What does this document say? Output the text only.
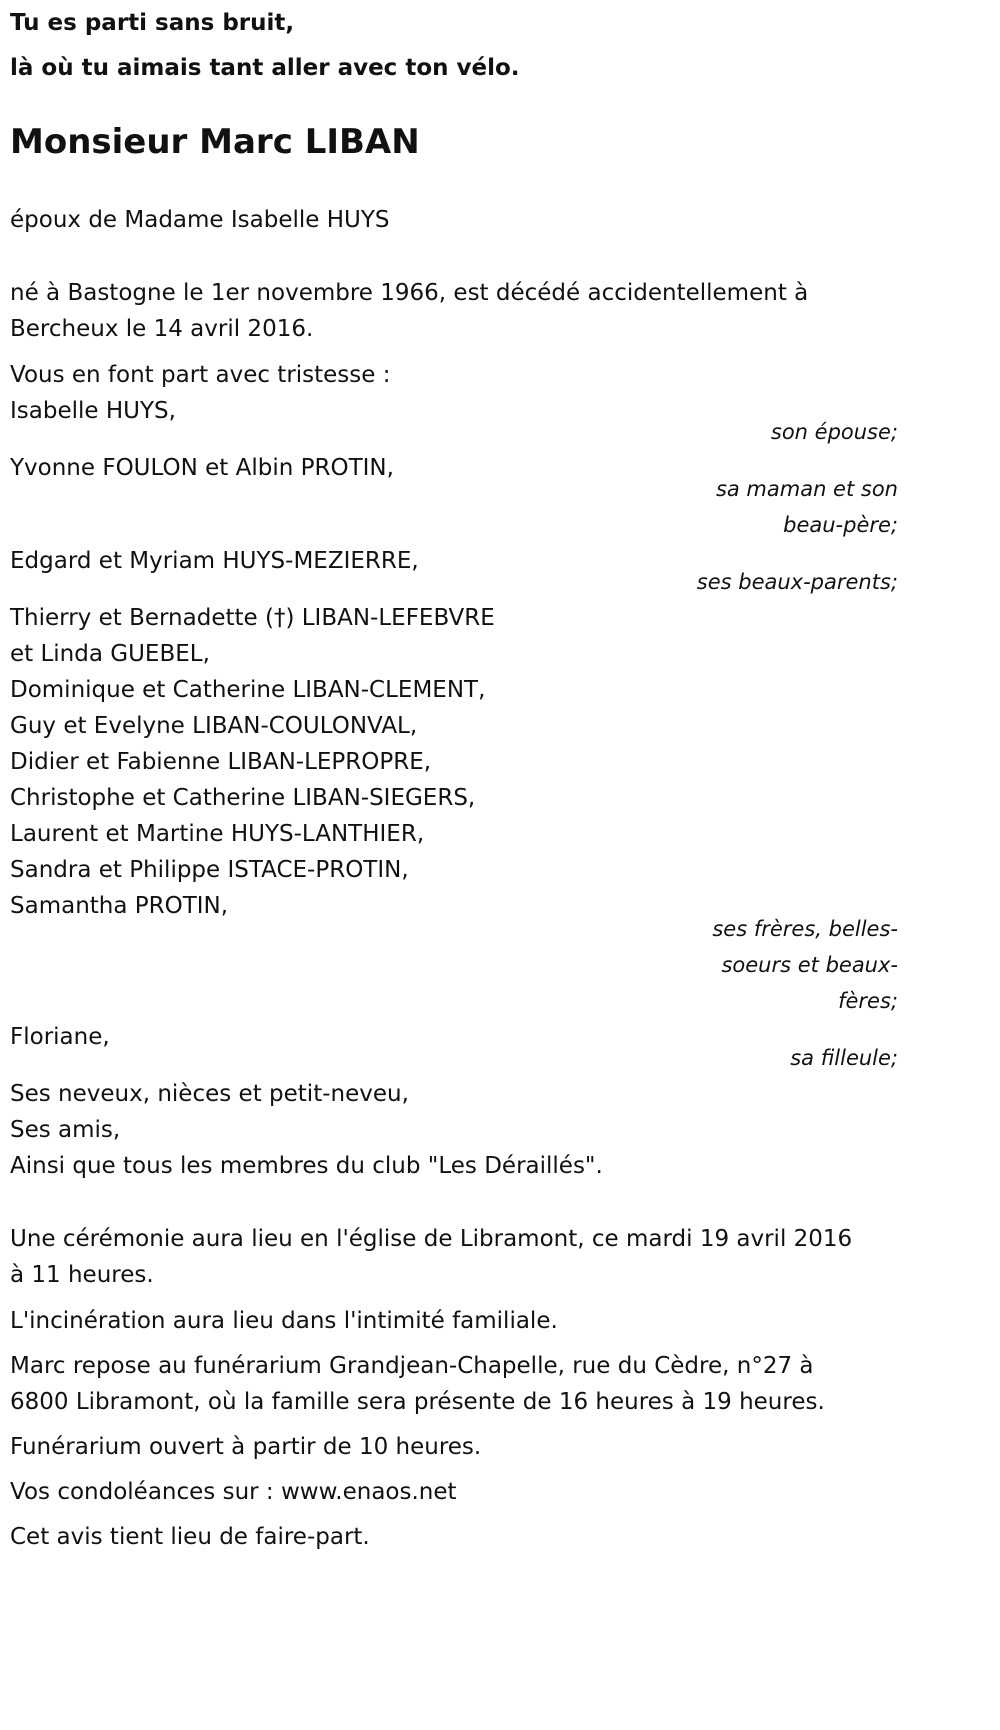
Tu es parti sans bruit,
là où tu aimais tant aller avec ton vélo.
Monsieur Marc LIBAN
époux de Madame Isabelle HUYS
né à Bastogne le 1er novembre 1966, est décédé accidentellement à
Bercheux le 14 avril 2016.
Vous en font part avec tristesse :
Isabelle HUYS,
son épouse;
Yvonne FOULON et Albin PROTIN,
sa maman et son
beau-père;
Edgard et Myriam HUYS-MEZIERRE,
ses beaux-parents;
Thierry et Bernadette (†) LIBAN-LEFEBVRE
et Linda GUEBEL,
Dominique et Catherine LIBAN-CLEMENT,
Guy et Evelyne LIBAN-COULONVAL,
Didier et Fabienne LIBAN-LEPROPRE,
Christophe et Catherine LIBAN-SIEGERS,
Laurent et Martine HUYS-LANTHIER,
Sandra et Philippe ISTACE-PROTIN,
Samantha PROTIN,
ses frères, belles-
soeurs et beaux-
fères;
Floriane,
sa filleule;
Ses neveux, nièces et petit-neveu,
Ses amis,
Ainsi que tous les membres du club "Les Déraillés".
Une cérémonie aura lieu en l'église de Libramont, ce mardi 19 avril 2016
à 11 heures.
L'incinération aura lieu dans l'intimité familiale.
Marc repose au funérarium Grandjean-Chapelle, rue du Cèdre, n°27 à
6800 Libramont, où la famille sera présente de 16 heures à 19 heures.
Funérarium ouvert à partir de 10 heures.
Vos condoléances sur : www.enaos.net
Cet avis tient lieu de faire-part.
